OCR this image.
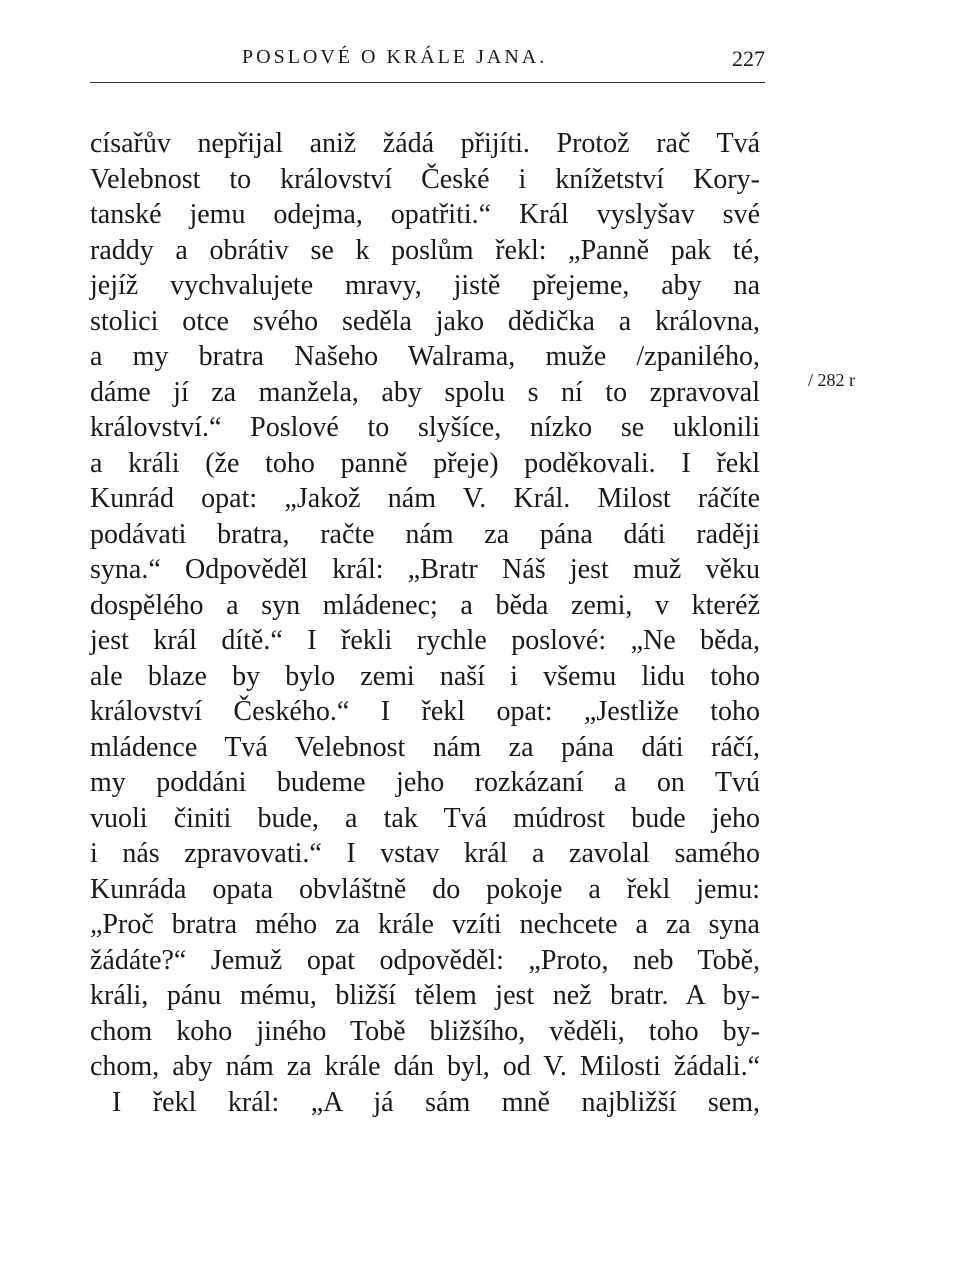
POSLOVÉ O KRÁLE JANA.	227
císařův nepřijal aniž žádá přijíti. Protož rač Tvá
Velebnost to království České i knížetství Kory-
tanské jemu odejma, opatřiti.“ Král vyslyšav své
raddy a obrátiv se k poslům řekl: „Panně pak té,
jejíž vychvalujete mravy, jistě přejeme, aby na
stolici otce svého seděla jako dědička a královna,
a my bratra Našeho Walrama, muže /zpanilého,
dáme jí za manžela, aby spolu s ní to zpravoval
království.“ Poslové to slyšíce, nízko se uklonili
a králi (že toho panně přeje) poděkovali. I řekl
Kunrád opat: „Jakož nám V. Král. Milost ráčíte
podávati bratra, račte nám za pána dáti raději
syna.“ Odpověděl král: „Bratr Náš jest muž věku
dospělého a syn mládenec; a běda zemi, v kteréž
jest král dítě.“ I řekli rychle poslové: „Ne běda,
ale blaze by bylo zemi naší i všemu lidu toho
království Českého.“ I řekl opat: „Jestliže toho
mládence Tvá Velebnost nám za pána dáti ráčí,
my poddáni budeme jeho rozkázaní a on Tvú
vuoli činiti bude, a tak Tvá múdrost bude jeho
i nás zpravovati.“ I vstav král a zavolal samého
Kunráda opata obvláštně do pokoje a řekl jemu:
„Proč bratra mého za krále vzíti nechcete a za syna
žádáte?“ Jemuž opat odpověděl: „Proto, neb Tobě,
králi, pánu mému, bližší tělem jest než bratr. A by-
chom koho jiného Tobě bližšího, věděli, toho by-
chom, aby nám za krále dán byl, od V. Milosti žádali.“
I řekl král: „A já sám mně najbližší sem,
/ 282 r
